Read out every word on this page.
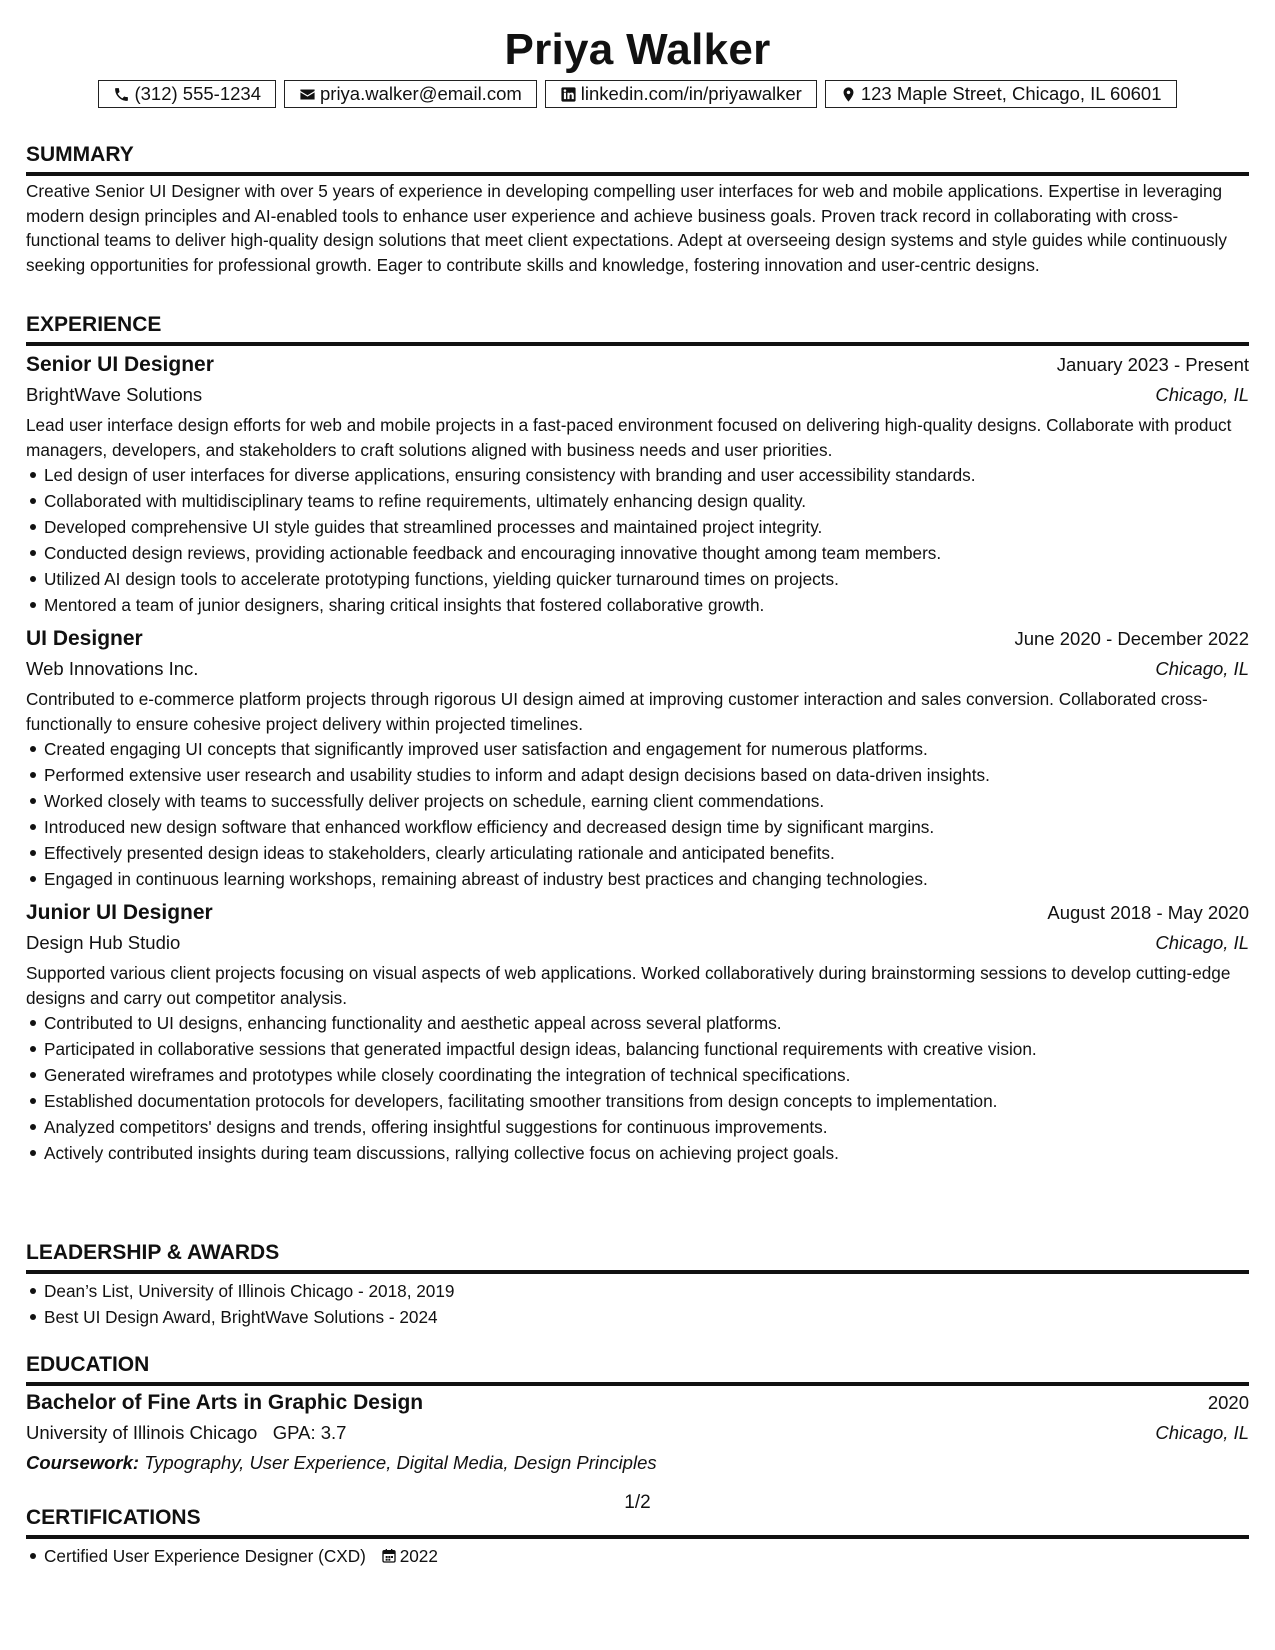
Priya Walker
(312) 555-1234	priya.walker@email.com	linkedin.com/in/priyawalker	123 Maple Street, Chicago, IL 60601
SUMMARY

Creative Senior UI Designer with over 5 years of experience in developing compelling user interfaces for web and mobile applications. Expertise in leveraging modern design principles and AI-enabled tools to enhance user experience and achieve business goals. Proven track record in collaborating with cross-functional teams to deliver high-quality design solutions that meet client expectations. Adept at overseeing design systems and style guides while continuously seeking opportunities for professional growth. Eager to contribute skills and knowledge, fostering innovation and user-centric designs.

EXPERIENCE
Senior UI Designer	January 2023 - Present
BrightWave Solutions	Chicago, IL

Lead user interface design efforts for web and mobile projects in a fast-paced environment focused on delivering high-quality designs. Collaborate with product managers, developers, and stakeholders to craft solutions aligned with business needs and user priorities.

Led design of user interfaces for diverse applications, ensuring consistency with branding and user accessibility standards.
Collaborated with multidisciplinary teams to refine requirements, ultimately enhancing design quality.
Developed comprehensive UI style guides that streamlined processes and maintained project integrity.
Conducted design reviews, providing actionable feedback and encouraging innovative thought among team members.
Utilized AI design tools to accelerate prototyping functions, yielding quicker turnaround times on projects.
Mentored a team of junior designers, sharing critical insights that fostered collaborative growth.
UI Designer	June 2020 - December 2022
Web Innovations Inc.	Chicago, IL

Contributed to e-commerce platform projects through rigorous UI design aimed at improving customer interaction and sales conversion. Collaborated cross-functionally to ensure cohesive project delivery within projected timelines.

Created engaging UI concepts that significantly improved user satisfaction and engagement for numerous platforms.
Performed extensive user research and usability studies to inform and adapt design decisions based on data-driven insights.
Worked closely with teams to successfully deliver projects on schedule, earning client commendations.
Introduced new design software that enhanced workflow efficiency and decreased design time by significant margins.
Effectively presented design ideas to stakeholders, clearly articulating rationale and anticipated benefits.
Engaged in continuous learning workshops, remaining abreast of industry best practices and changing technologies.
Junior UI Designer	August 2018 - May 2020
Design Hub Studio	Chicago, IL

Supported various client projects focusing on visual aspects of web applications. Worked collaboratively during brainstorming sessions to develop cutting-edge designs and carry out competitor analysis.

Contributed to UI designs, enhancing functionality and aesthetic appeal across several platforms.
Participated in collaborative sessions that generated impactful design ideas, balancing functional requirements with creative vision.
Generated wireframes and prototypes while closely coordinating the integration of technical specifications.
Established documentation protocols for developers, facilitating smoother transitions from design concepts to implementation.
Analyzed competitors' designs and trends, offering insightful suggestions for continuous improvements.
Actively contributed insights during team discussions, rallying collective focus on achieving project goals.
LEADERSHIP & AWARDS
Dean’s List, University of Illinois Chicago - 2018, 2019
Best UI Design Award, BrightWave Solutions - 2024
EDUCATION
Bachelor of Fine Arts in Graphic Design	2020
University of Illinois Chicago GPA: 3.7	Chicago, IL
Coursework: Typography, User Experience, Digital Media, Design Principles
CERTIFICATIONS
Certified User Experience Designer (CXD) 2022
1/2
